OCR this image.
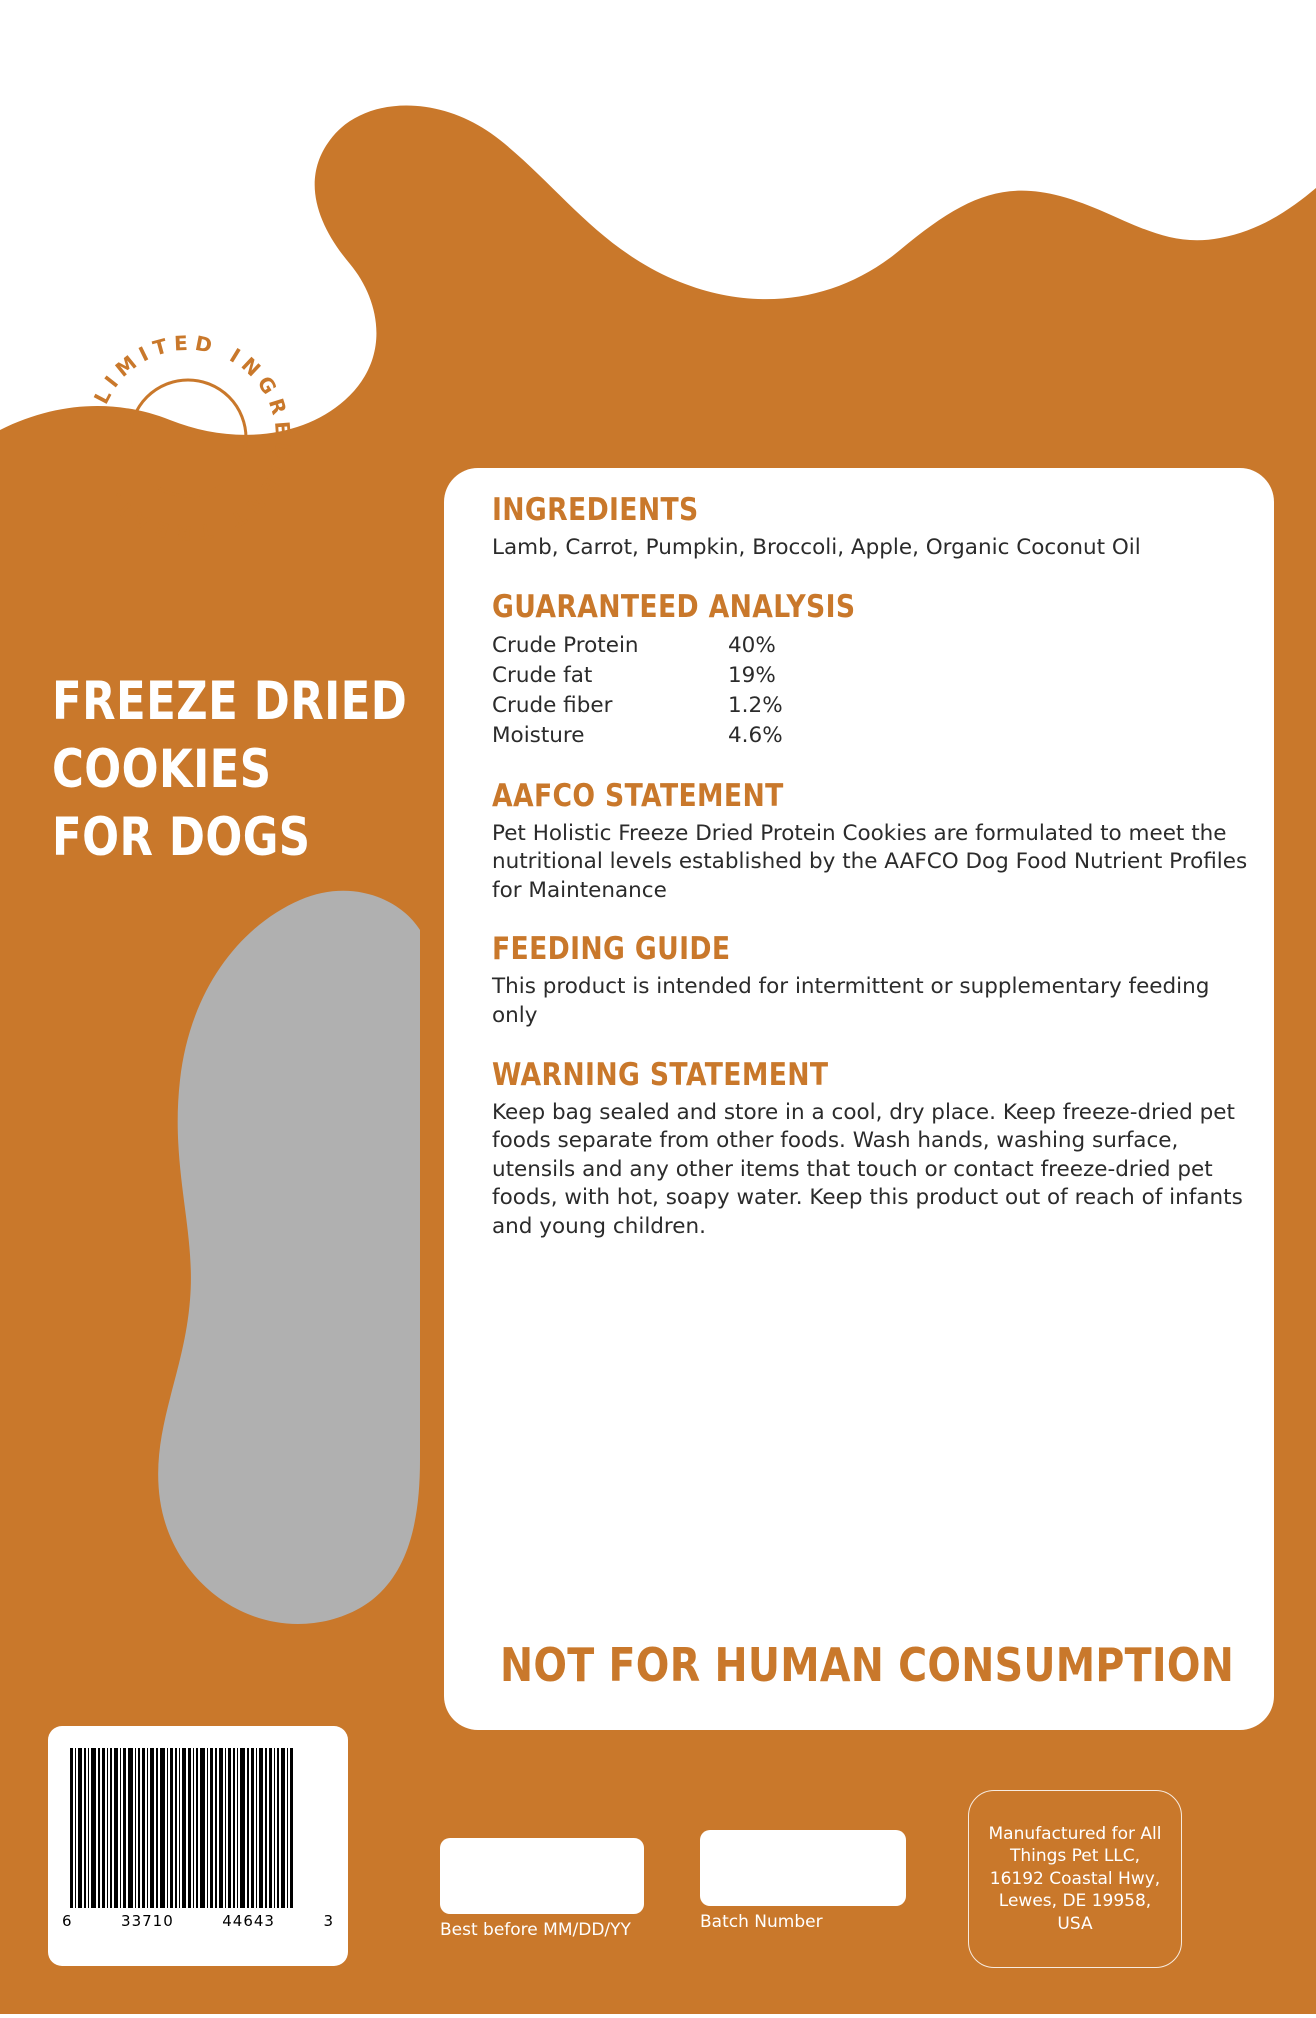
LIMITED INGREDIENT TREAT.
FREEZE DRIED
COOKIES
FOR DOGS

INGREDIENTS

Lamb, Carrot, Pumpkin, Broccoli, Apple, Organic Coconut Oil

GUARANTEED ANALYSIS

Crude Protein	40%
Crude fat	19%
Crude fiber	1.2%
Moisture	4.6%

AAFCO STATEMENT

Pet Holistic Freeze Dried Protein Cookies are formulated to meet the nutritional levels established by the AAFCO Dog Food Nutrient Profiles for Maintenance

FEEDING GUIDE

This product is intended for intermittent or supplementary feeding only

WARNING STATEMENT

Keep bag sealed and store in a cool, dry place. Keep freeze-dried pet foods separate from other foods. Wash hands, washing surface, utensils and any other items that touch or contact freeze-dried pet foods, with hot, soapy water. Keep this product out of reach of infants and young children.

NOT FOR HUMAN CONSUMPTION
6	33710	44643	3	Best before MM/DD/YY	Batch Number
Manufactured for All Things Pet LLC, 16192 Coastal Hwy, Lewes, DE 19958, USA
